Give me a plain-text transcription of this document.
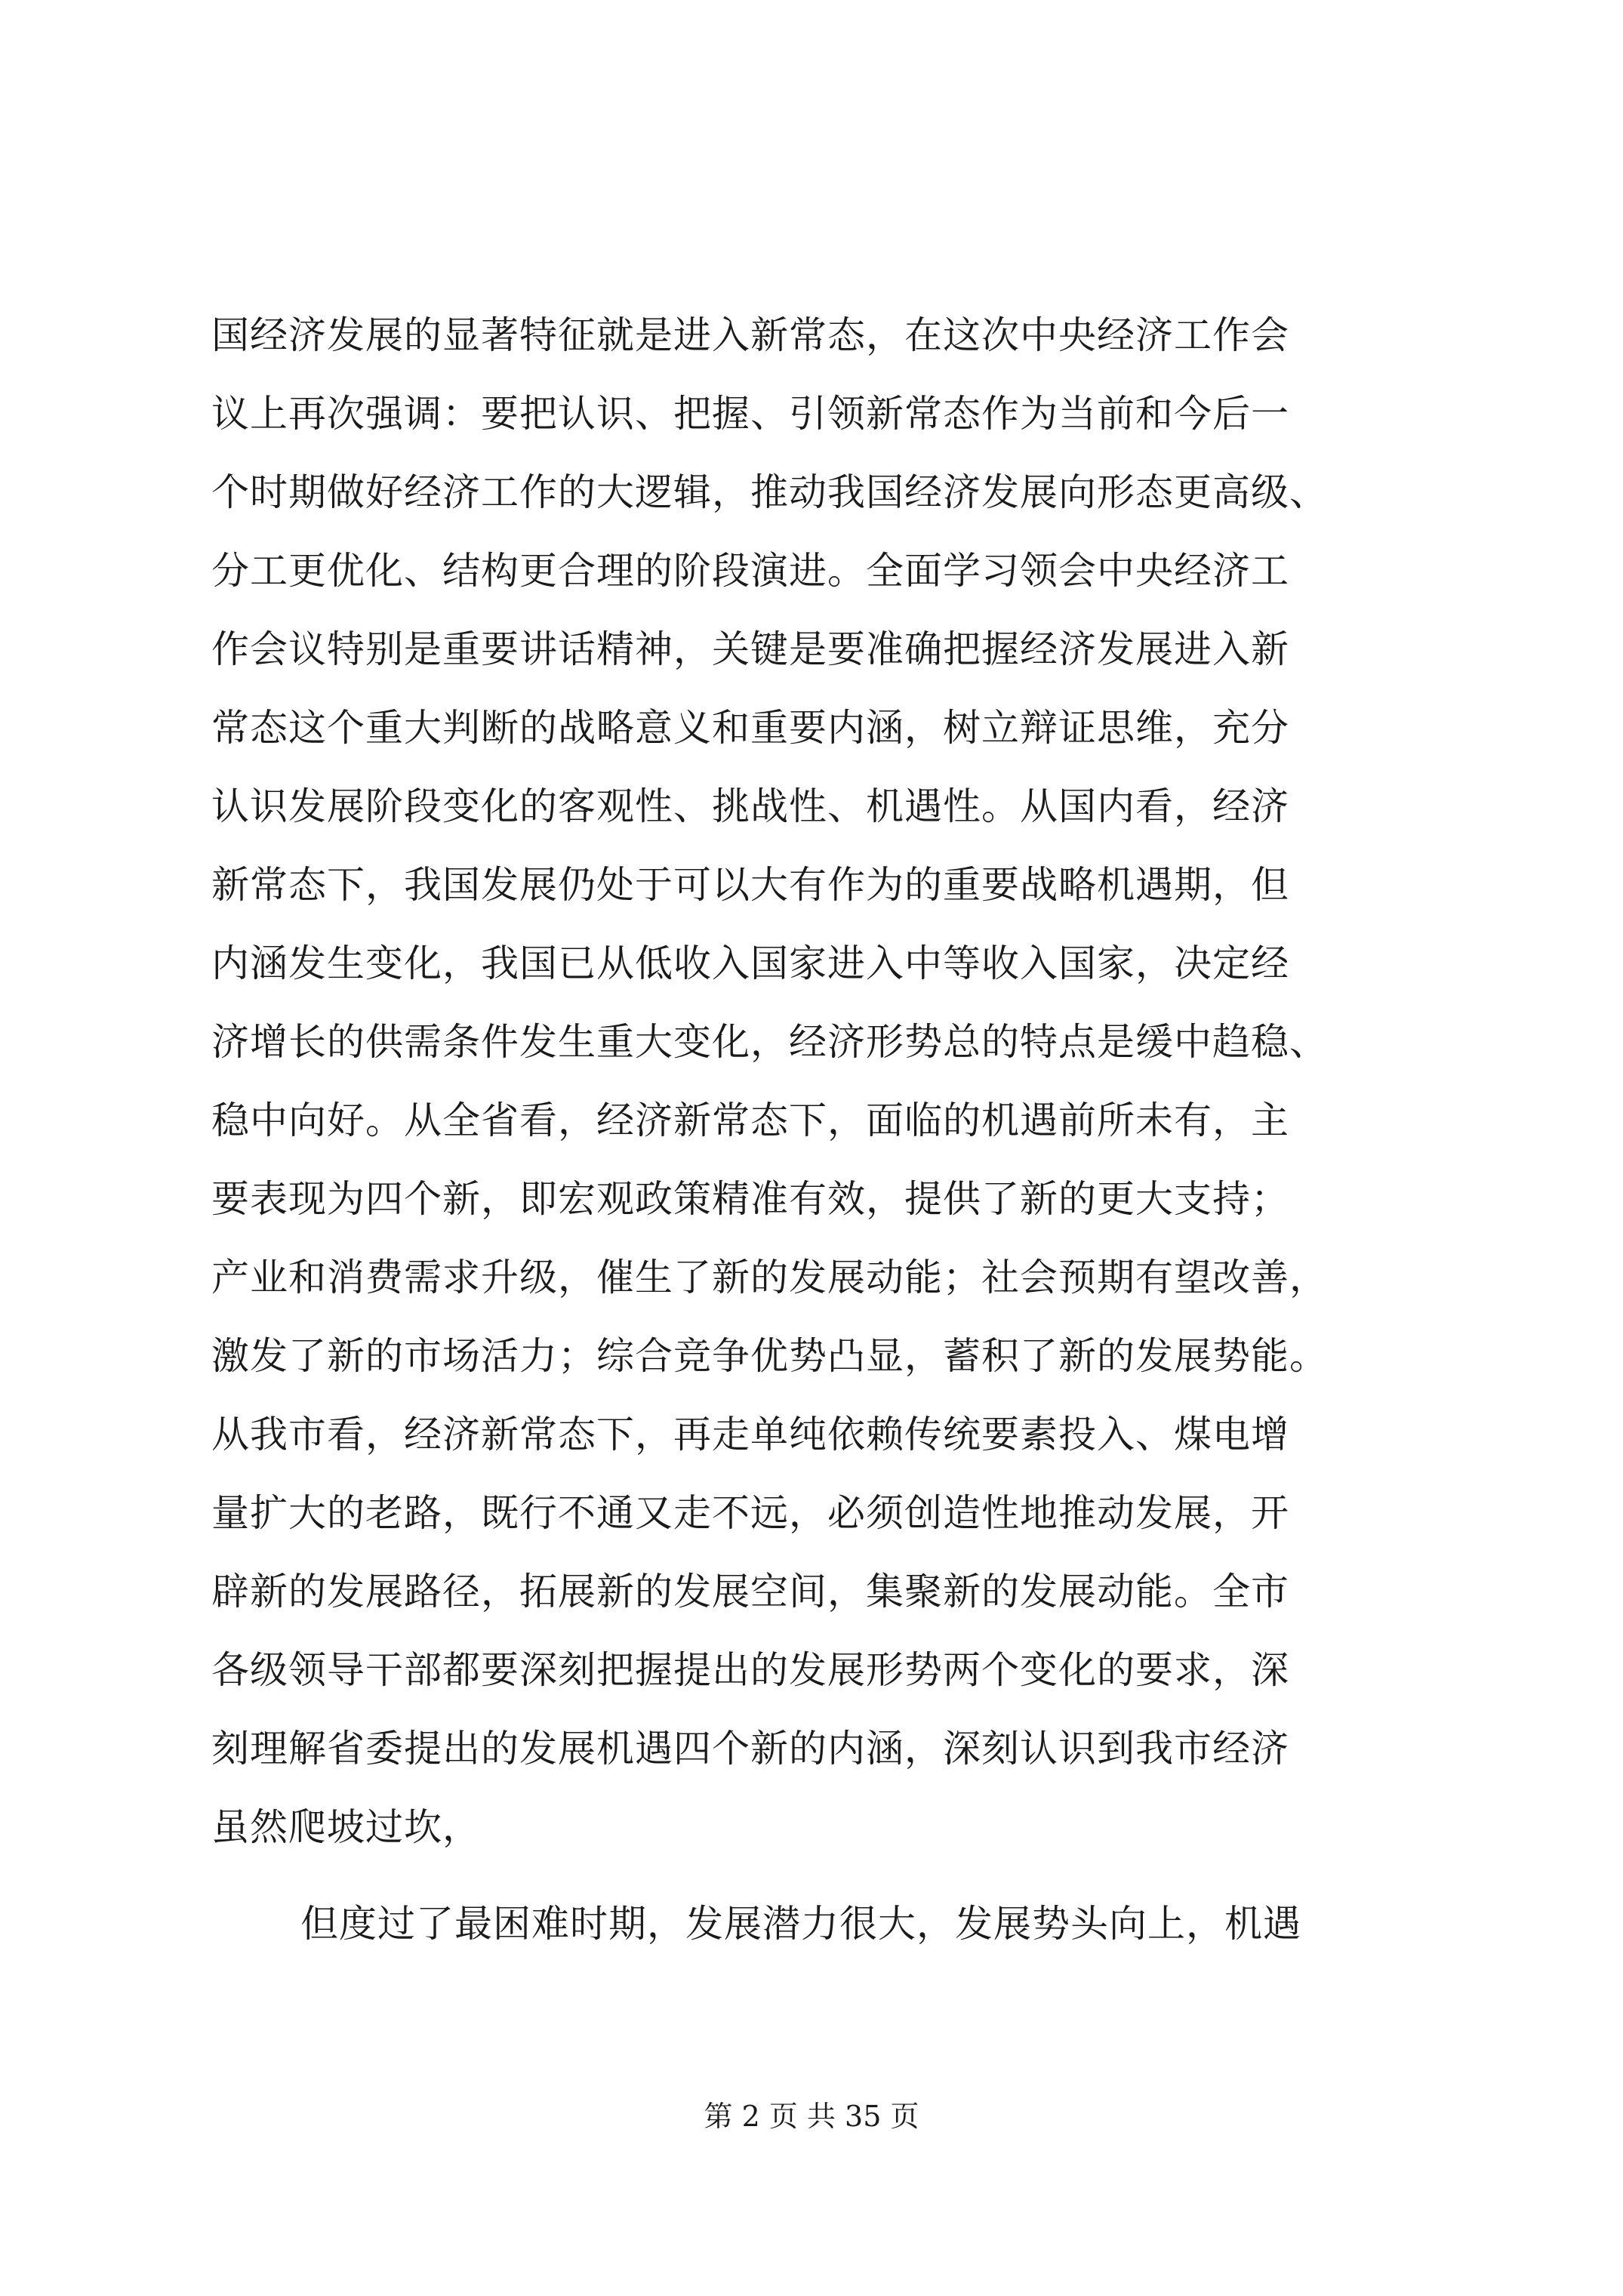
国经济发展的显著特征就是进入新常态，在这次中央经济工作会
议上再次强调：要把认识、把握、引领新常态作为当前和今后一
个时期做好经济工作的大逻辑，推动我国经济发展向形态更高级、
分工更优化、结构更合理的阶段演进。全面学习领会中央经济工
作会议特别是重要讲话精神，关键是要准确把握经济发展进入新
常态这个重大判断的战略意义和重要内涵，树立辩证思维，充分
认识发展阶段变化的客观性、挑战性、机遇性。从国内看，经济
新常态下，我国发展仍处于可以大有作为的重要战略机遇期，但
内涵发生变化，我国已从低收入国家进入中等收入国家，决定经
济增长的供需条件发生重大变化，经济形势总的特点是缓中趋稳、
稳中向好。从全省看，经济新常态下，面临的机遇前所未有，主
要表现为四个新，即宏观政策精准有效，提供了新的更大支持；
产业和消费需求升级，催生了新的发展动能；社会预期有望改善，
激发了新的市场活力；综合竞争优势凸显，蓄积了新的发展势能。
从我市看，经济新常态下，再走单纯依赖传统要素投入、煤电增
量扩大的老路，既行不通又走不远，必须创造性地推动发展，开
辟新的发展路径，拓展新的发展空间，集聚新的发展动能。全市
各级领导干部都要深刻把握提出的发展形势两个变化的要求，深
刻理解省委提出的发展机遇四个新的内涵，深刻认识到我市经济
虽然爬坡过坎，
但度过了最困难时期，发展潜力很大，发展势头向上，机遇
第 2 页 共 35 页
